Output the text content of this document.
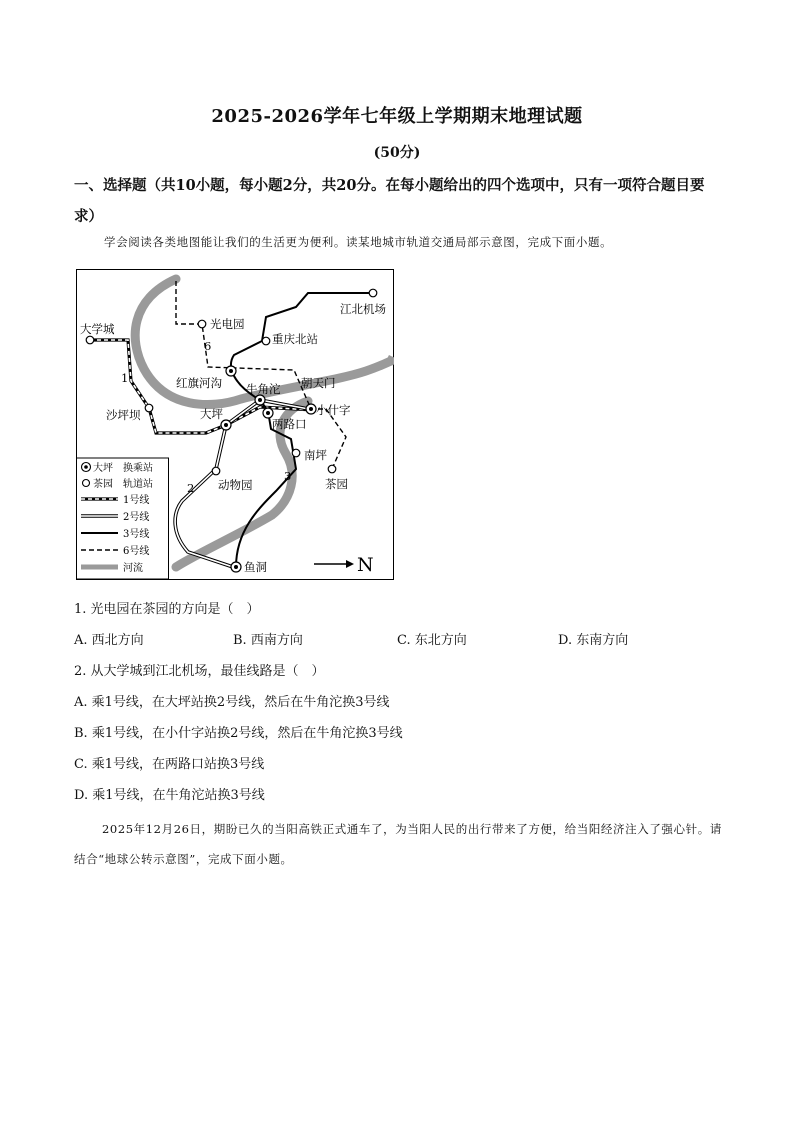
2025-2026学年七年级上学期期末地理试题
(50分)
一、选择题（共10小题，每小题2分，共20分。在每小题给出的四个选项中，只有一项符合题目要求）
学会阅读各类地图能让我们的生活更为便利。读某地城市轨道交通局部示意图，完成下面小题。
大学城
沙坪坝
光电园
江北机场
重庆北站
红旗河沟 牛角沱 朝天门
小什字
大坪
两路口
南坪
茶园
动物园
鱼洞
1
2
3
6
大坪 换乘站
茶园 轨道站
1号线
2号线
3号线
6号线
河流	N
1. 光电园在茶园的方向是（　）
A. 西北方向	B. 西南方向	C. 东北方向	D. 东南方向
2. 从大学城到江北机场，最佳线路是（　）
A. 乘1号线，在大坪站换2号线，然后在牛角沱换3号线
B. 乘1号线，在小什字站换2号线，然后在牛角沱换3号线
C. 乘1号线，在两路口站换3号线
D. 乘1号线，在牛角沱站换3号线
2025年12月26日，期盼已久的当阳高铁正式通车了，为当阳人民的出行带来了方便，给当阳经济注入了强心针。请结合“地球公转示意图”，完成下面小题。
